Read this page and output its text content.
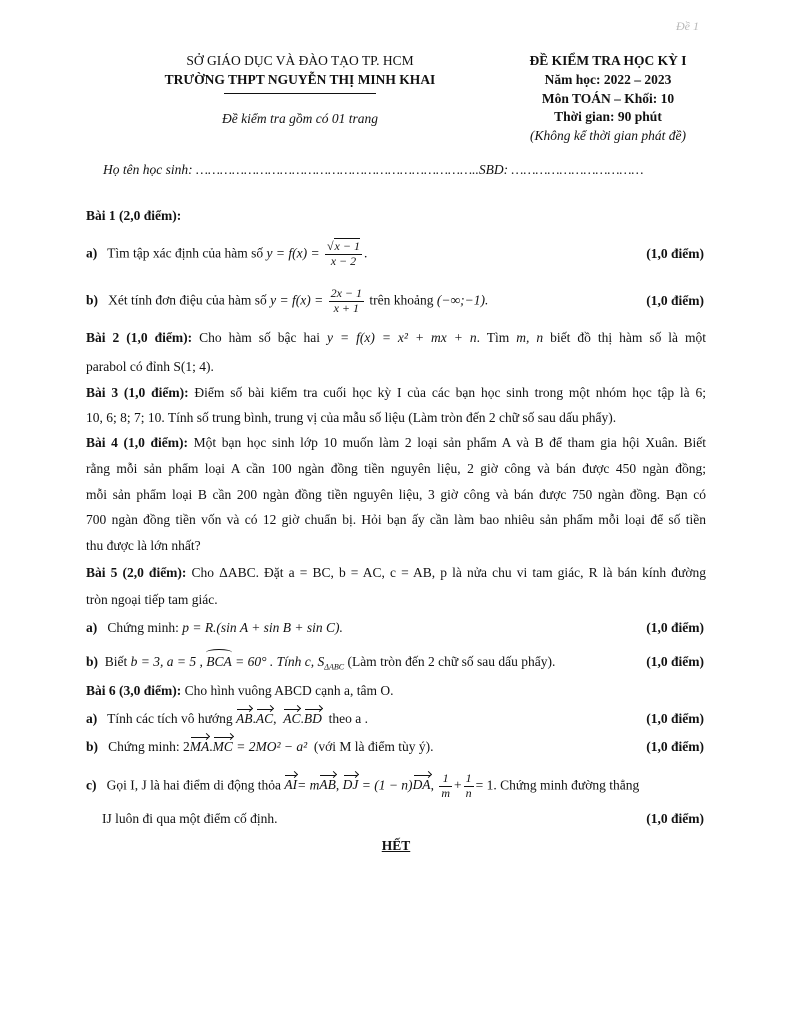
Đề 1
SỞ GIÁO DỤC VÀ ĐÀO TẠO TP. HCM
TRƯỜNG THPT NGUYỄN THỊ MINH KHAI
Đề kiểm tra gồm có 01 trang
ĐỀ KIỂM TRA HỌC KỲ I
Năm học: 2022 – 2023
Môn TOÁN – Khối: 10
Thời gian: 90 phút
(Không kể thời gian phát đề)
Họ tên học sinh: ……………………………………………………………..SBD: ……………………………
Bài 1 (2,0 điểm):
a) Tìm tập xác định của hàm số $y = f(x) = \frac{√x - 1}{x - 2}$ .	(1,0 điểm)
b) Xét tính đơn điệu của hàm số $y = f(x) = \frac{2x - 1}{x + 1}$ trên khoảng (−∞;−1).	(1,0 điểm)
Bài 2 (1,0 điểm): Cho hàm số bậc hai y = f(x) = x² + mx + n. Tìm m, n biết đồ thị hàm số là một
parabol có đỉnh S(1; 4).
Bài 3 (1,0 điểm): Điểm số bài kiểm tra cuối học kỳ I của các bạn học sinh trong một nhóm học tập là 6;
10, 6; 8; 7; 10. Tính số trung bình, trung vị của mẫu số liệu (Làm tròn đến 2 chữ số sau dấu phẩy).
Bài 4 (1,0 điểm): Một bạn học sinh lớp 10 muốn làm 2 loại sản phẩm A và B để tham gia hội Xuân. Biết
rằng mỗi sản phẩm loại A cần 100 ngàn đồng tiền nguyên liệu, 2 giờ công và bán được 450 ngàn đồng;
mỗi sản phẩm loại B cần 200 ngàn đồng tiền nguyên liệu, 3 giờ công và bán được 750 ngàn đồng. Bạn có
700 ngàn đồng tiền vốn và có 12 giờ chuẩn bị. Hỏi bạn ấy cần làm bao nhiêu sản phẩm mỗi loại để số tiền
thu được là lớn nhất?
Bài 5 (2,0 điểm): Cho ΔABC. Đặt a = BC, b = AC, c = AB, p là nửa chu vi tam giác, R là bán kính đường
tròn ngoại tiếp tam giác.
a) Chứng minh: p = R.(sin A + sin B + sin C).	(1,0 điểm)
b) Biết b = 3, a = 5 , BCA = 60° . Tính c, $S_{\Delta ABC}$ (Làm tròn đến 2 chữ số sau dấu phẩy).	(1,0 điểm)
Bài 6 (3,0 điểm): Cho hình vuông ABCD cạnh a, tâm O.
a) Tính các tích vô hướng AB.AC,  AC.BD theo a .	(1,0 điểm)
b) Chứng minh: 2MA.MC = 2MO² − a² (với M là điểm tùy ý).	(1,0 điểm)
c) Gọi I, J là hai điểm di động thỏa AI= mAB, DJ = (1 − n)DA, $\frac{1}{m} + \frac{1}{n} = 1$. Chứng minh đường thẳng
IJ luôn đi qua một điểm cố định.	(1,0 điểm)
HẾT
